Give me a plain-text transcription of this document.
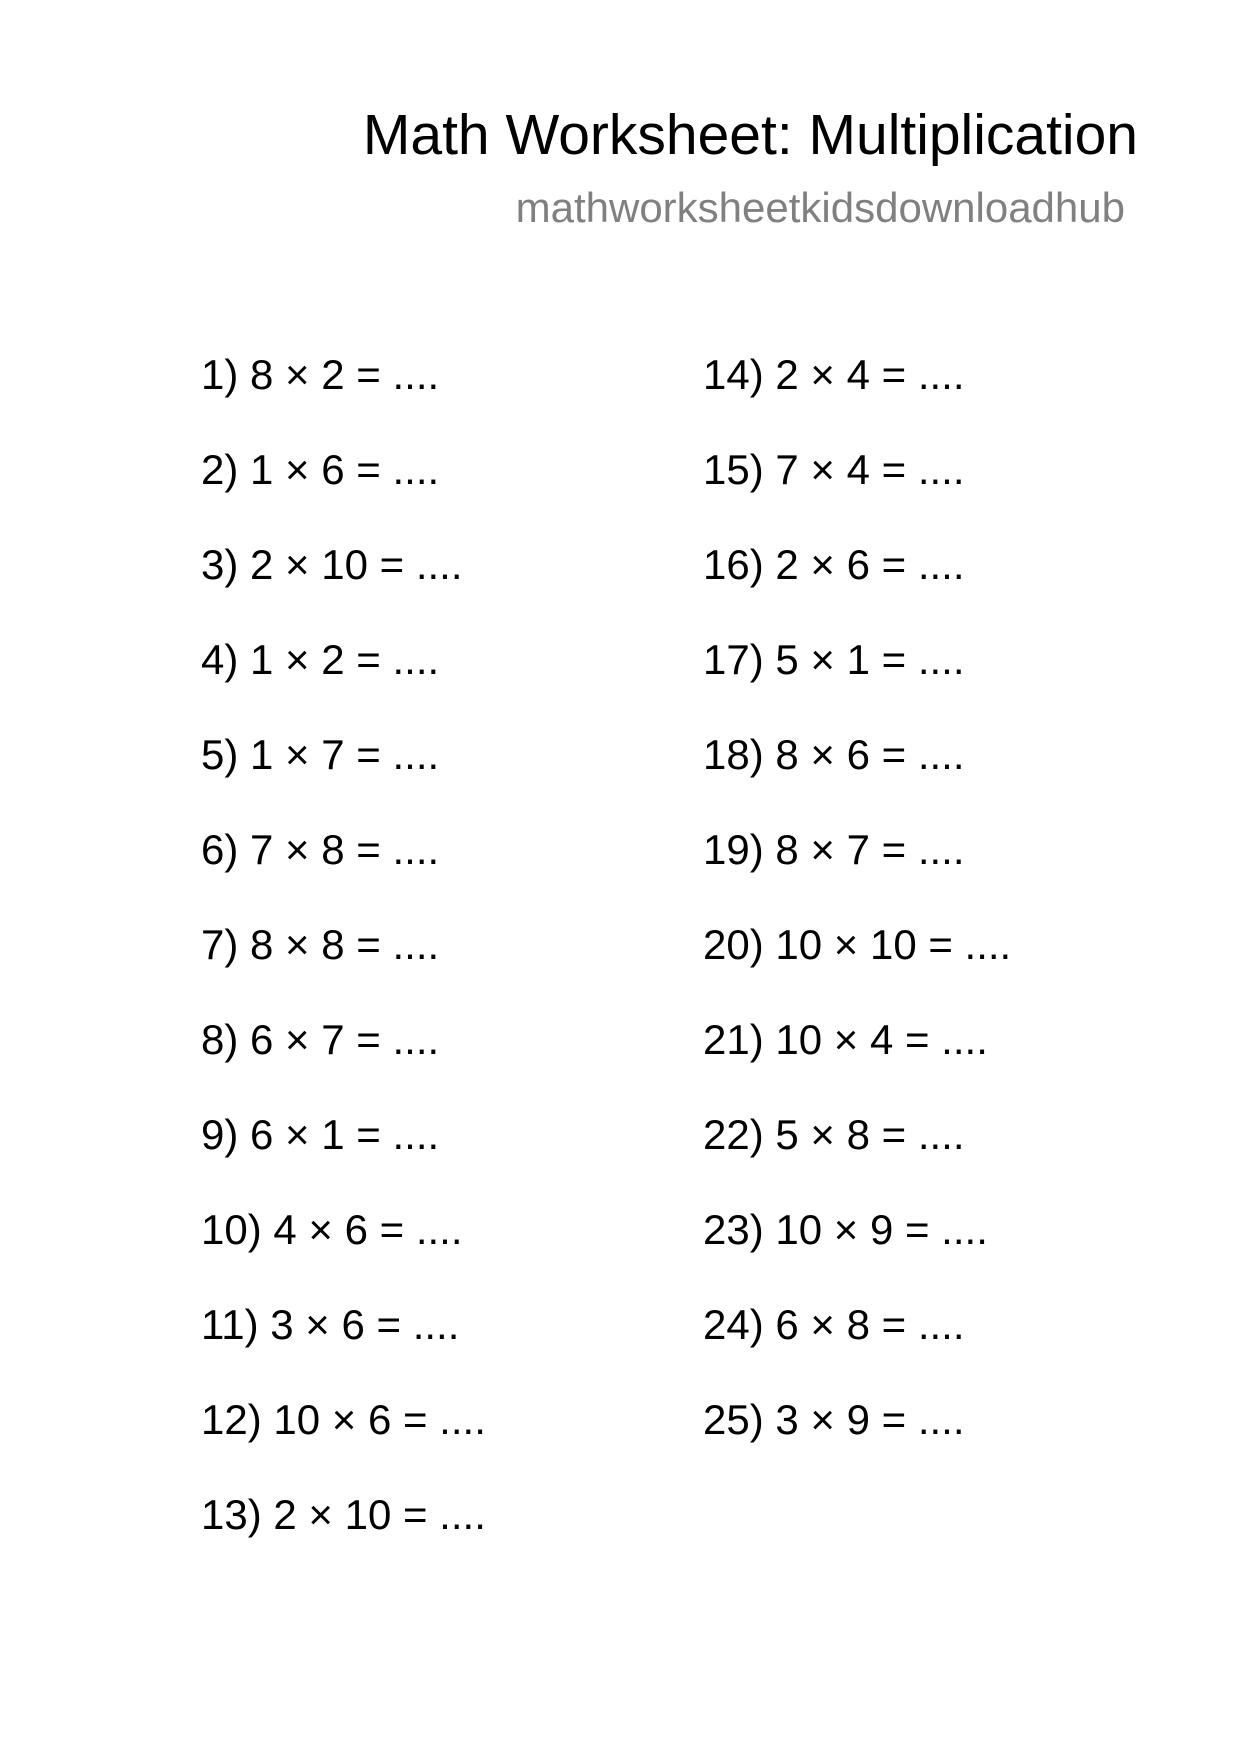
Math Worksheet: Multiplication
mathworksheetkidsdownloadhub
1) 8 × 2 = ....
2) 1 × 6 = ....
3) 2 × 10 = ....
4) 1 × 2 = ....
5) 1 × 7 = ....
6) 7 × 8 = ....
7) 8 × 8 = ....
8) 6 × 7 = ....
9) 6 × 1 = ....
10) 4 × 6 = ....
11) 3 × 6 = ....
12) 10 × 6 = ....
13) 2 × 10 = ....
14) 2 × 4 = ....
15) 7 × 4 = ....
16) 2 × 6 = ....
17) 5 × 1 = ....
18) 8 × 6 = ....
19) 8 × 7 = ....
20) 10 × 10 = ....
21) 10 × 4 = ....
22) 5 × 8 = ....
23) 10 × 9 = ....
24) 6 × 8 = ....
25) 3 × 9 = ....
